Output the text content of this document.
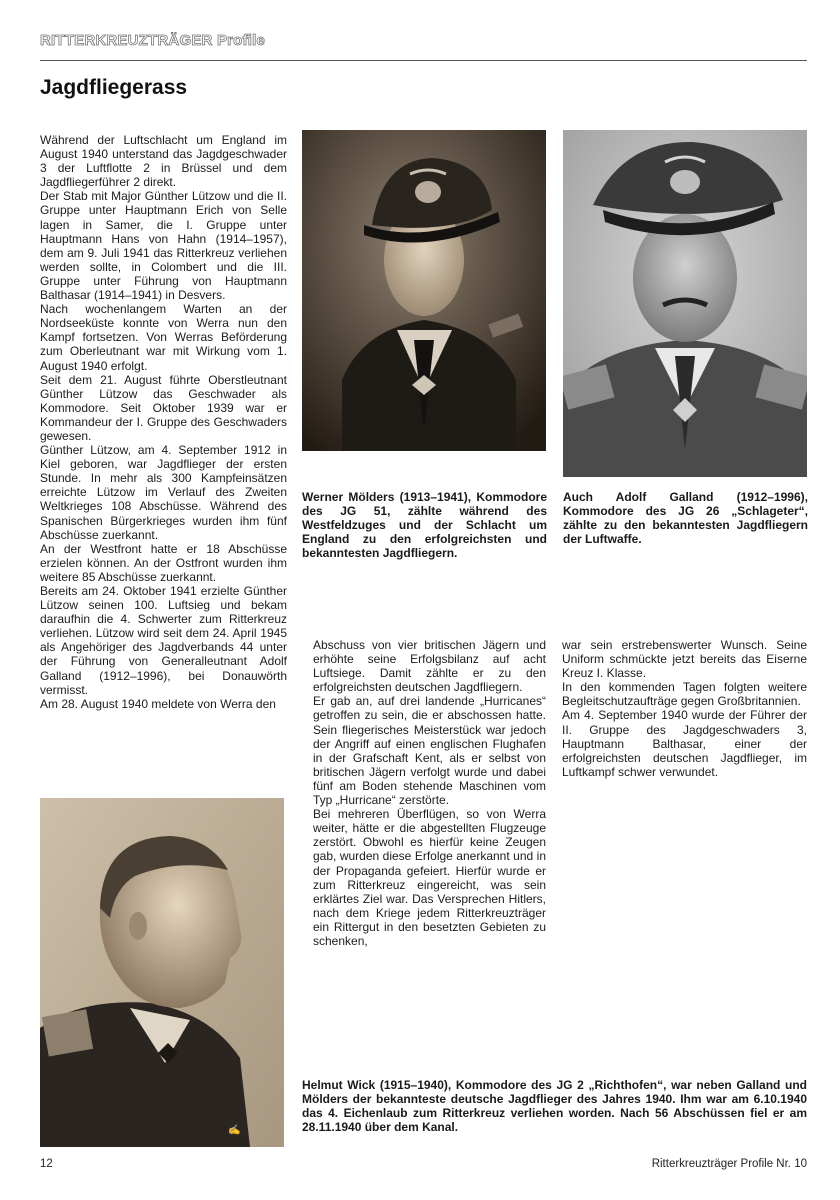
RITTERKREUZTRÄGER Profile
Jagdfliegerass

Während der Luftschlacht um England im August 1940 unterstand das Jagdgeschwader 3 der Luftflotte 2 in Brüssel und dem Jagdfliegerführer 2 direkt.

Der Stab mit Major Günther Lützow und die II. Gruppe unter Hauptmann Erich von Selle lagen in Samer, die I. Gruppe unter Hauptmann Hans von Hahn (1914–1957), dem am 9. Juli 1941 das Ritterkreuz verliehen werden sollte, in Colombert und die III. Gruppe unter Führung von Hauptmann Balthasar (1914–1941) in Desvers.

Nach wochenlangem Warten an der Nordseeküste konnte von Werra nun den Kampf fortsetzen. Von Werras Beförderung zum Oberleutnant war mit Wirkung vom 1. August 1940 erfolgt.

Seit dem 21. August führte Oberstleutnant Günther Lützow das Geschwader als Kommodore. Seit Oktober 1939 war er Kommandeur der I. Gruppe des Geschwaders gewesen.

Günther Lützow, am 4. September 1912 in Kiel geboren, war Jagdflieger der ersten Stunde. In mehr als 300 Kampfeinsätzen erreichte Lützow im Verlauf des Zweiten Weltkrieges 108 Abschüsse. Während des Spanischen Bürgerkrieges wurden ihm fünf Abschüsse zuerkannt.

An der Westfront hatte er 18 Abschüsse erzielen können. An der Ostfront wurden ihm weitere 85 Abschüsse zuerkannt.

Bereits am 24. Oktober 1941 erzielte Günther Lützow seinen 100. Luftsieg und bekam daraufhin die 4. Schwerter zum Ritterkreuz verliehen. Lützow wird seit dem 24. April 1945 als Angehöriger des Jagdverbands 44 unter der Führung von Generalleutnant Adolf Galland (1912–1996), bei Donauwörth vermisst.

Am 28. August 1940 meldete von Werra den

Werner Mölders (1913–1941), Kommodore des JG 51, zählte während des Westfeldzuges und der Schlacht um England zu den erfolgreichsten und bekanntesten Jagdfliegern.

Auch Adolf Galland (1912–1996), Kommodore des JG 26 „Schlageter“, zählte zu den bekanntesten Jagdfliegern der Luftwaffe.

Abschuss von vier britischen Jägern und erhöhte seine Erfolgsbilanz auf acht Luftsiege. Damit zählte er zu den erfolgreichsten deutschen Jagdfliegern.

Er gab an, auf drei landende „Hurricanes“ getroffen zu sein, die er abschossen hatte. Sein fliegerisches Meisterstück war jedoch der Angriff auf einen englischen Flughafen in der Grafschaft Kent, als er selbst von britischen Jägern verfolgt wurde und dabei fünf am Boden stehende Maschinen vom Typ „Hurricane“ zerstörte.

Bei mehreren Überflügen, so von Werra weiter, hätte er die abgestellten Flugzeuge zerstört. Obwohl es hierfür keine Zeugen gab, wurden diese Erfolge anerkannt und in der Propaganda gefeiert. Hierfür wurde er zum Ritterkreuz eingereicht, was sein erklärtes Ziel war. Das Versprechen Hitlers, nach dem Kriege jedem Ritterkreuzträger ein Rittergut in den besetzten Gebieten zu schenken,

war sein erstrebenswerter Wunsch. Seine Uniform schmückte jetzt bereits das Eiserne Kreuz I. Klasse.

In den kommenden Tagen folgten weitere Begleitschutzaufträge gegen Großbritannien.

Am 4. September 1940 wurde der Führer der II. Gruppe des Jagdgeschwaders 3, Hauptmann Balthasar, einer der erfolgreichsten deutschen Jagdflieger, im Luftkampf schwer verwundet.

✍

Helmut Wick (1915–1940), Kommodore des JG 2 „Richthofen“, war neben Galland und Mölders der bekannteste deutsche Jagdflieger des Jahres 1940. Ihm war am 6.10.1940 das 4. Eichenlaub zum Ritterkreuz verliehen worden. Nach 56 Abschüssen fiel er am 28.11.1940 über dem Kanal.

12	Ritterkreuzträger Profile Nr. 10
